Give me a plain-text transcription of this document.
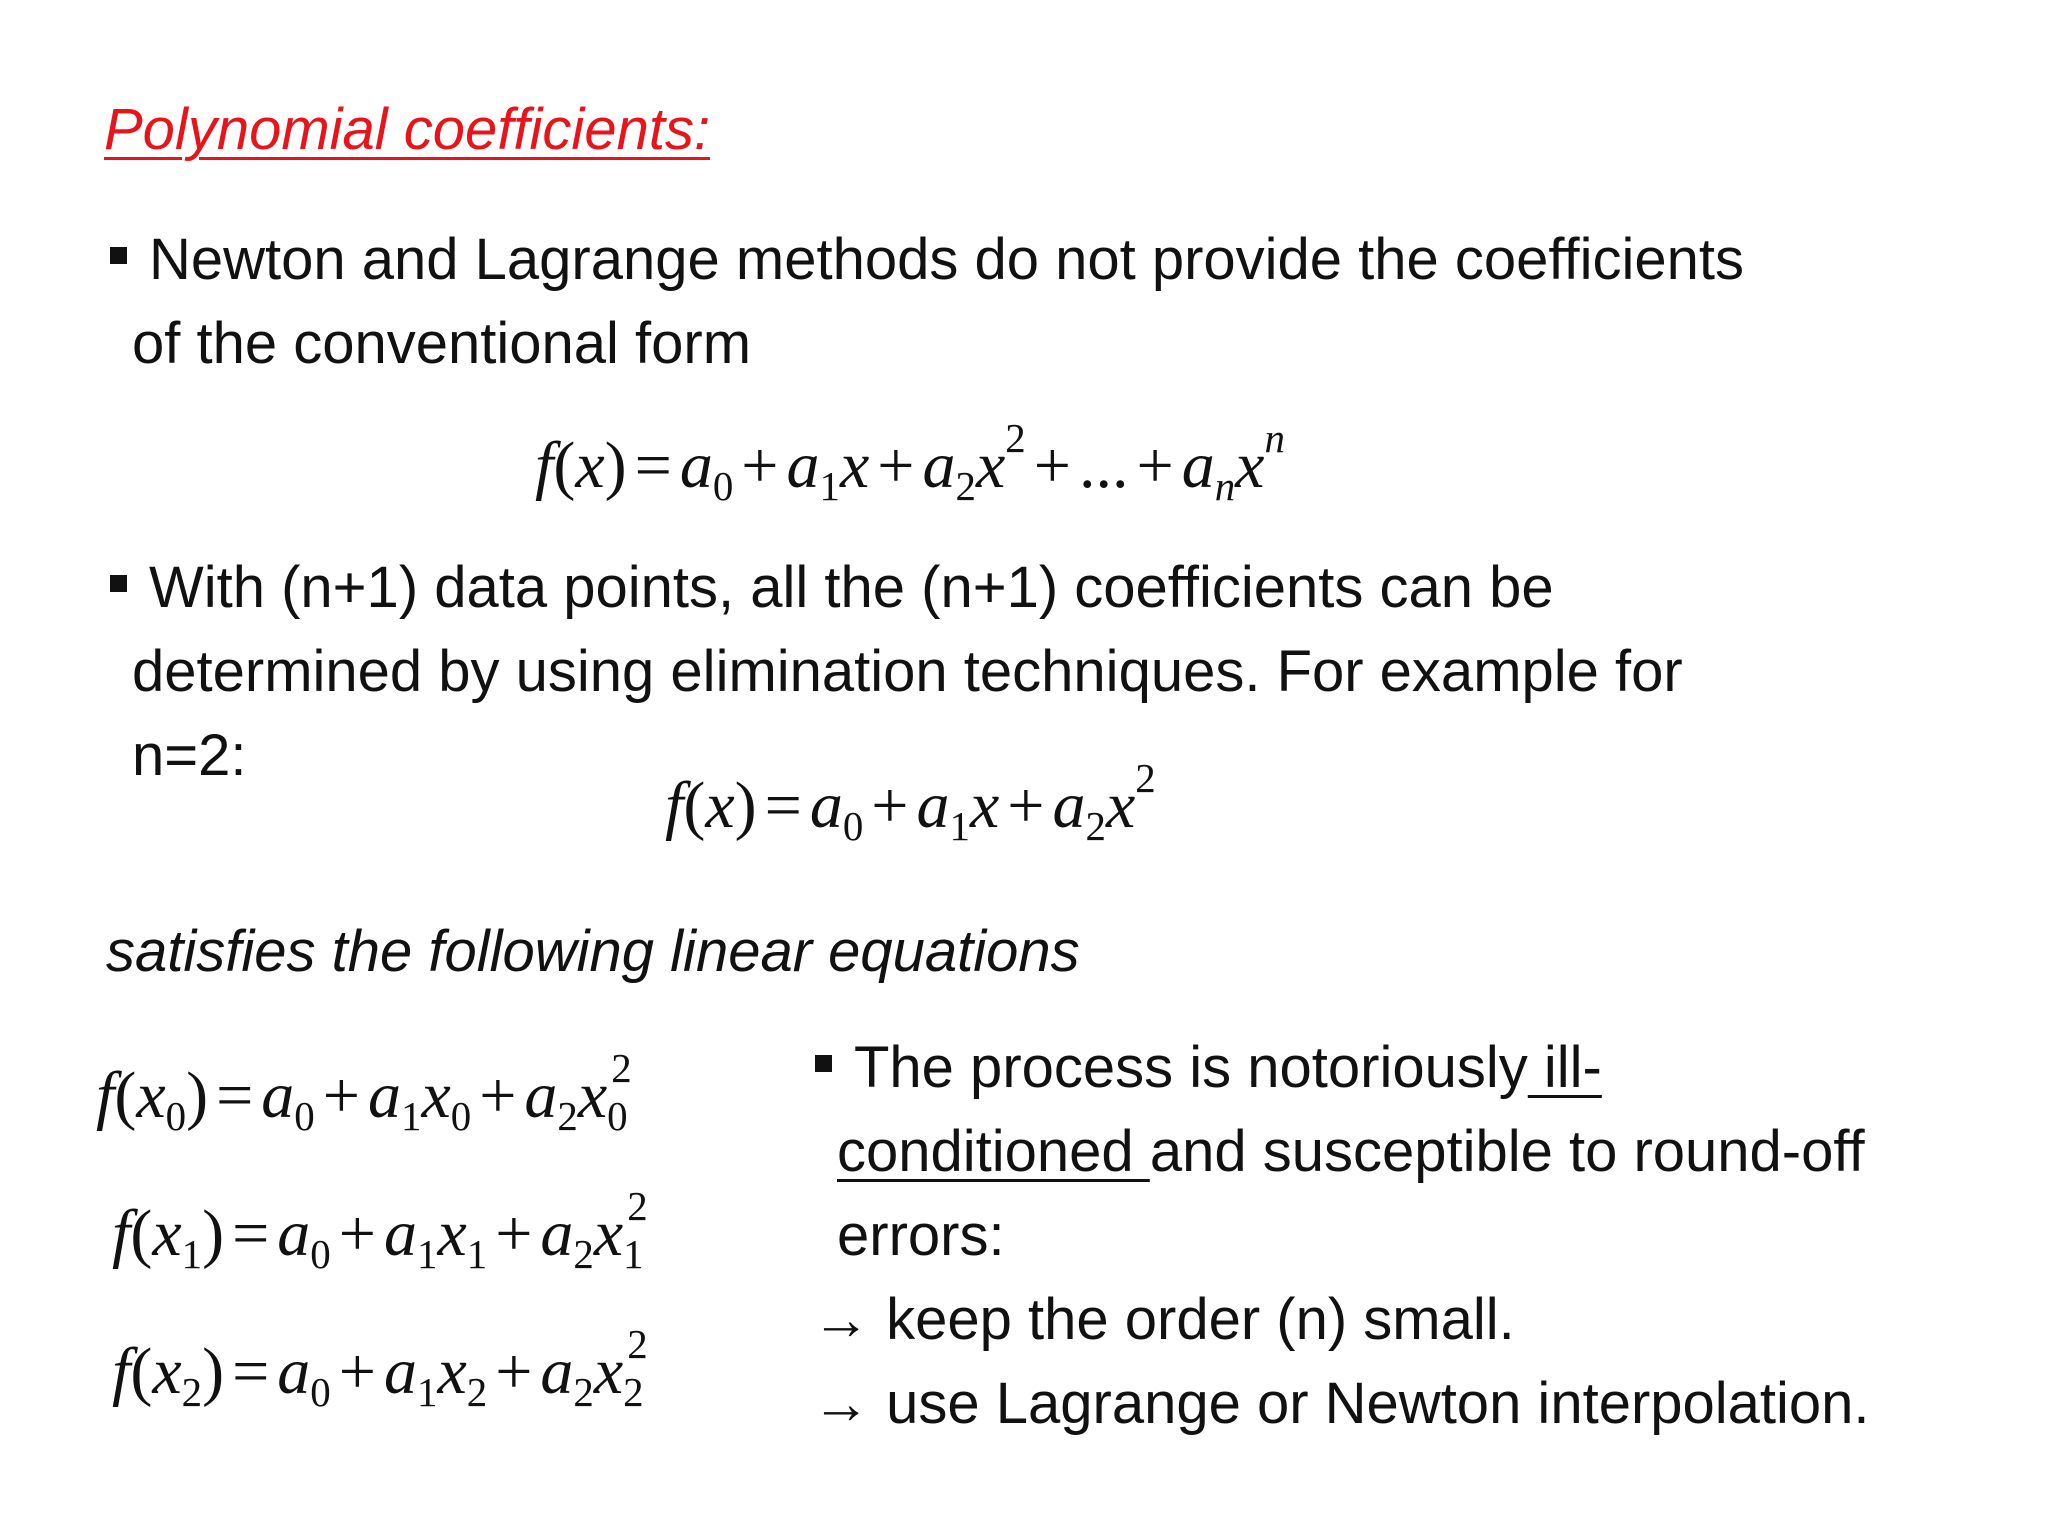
Polynomial coefficients:
Newton and Lagrange methods do not provide the coefficients
of the conventional form
$f(x) = a_0 + a_1x + a_2x^2$ + ... + $a_nx^n$
With (n+1) data points, all the (n+1) coefficients can be
determined by using elimination techniques. For example for
n=2:
$f(x) = a_0 + a_1x + a_2x^2$
satisfies the following linear equations
$f(x_0) = a_0 + a_1x_0 + a_2x_0^2$
$f(x_1) = a_0 + a_1x_1 + a_2x_1^2$
$f(x_2) = a_0 + a_1x_2 + a_2x_2^2$
The process is notoriously ill-
conditioned and susceptible to round-off
errors:
→ keep the order (n) small.
→ use Lagrange or Newton interpolation.
